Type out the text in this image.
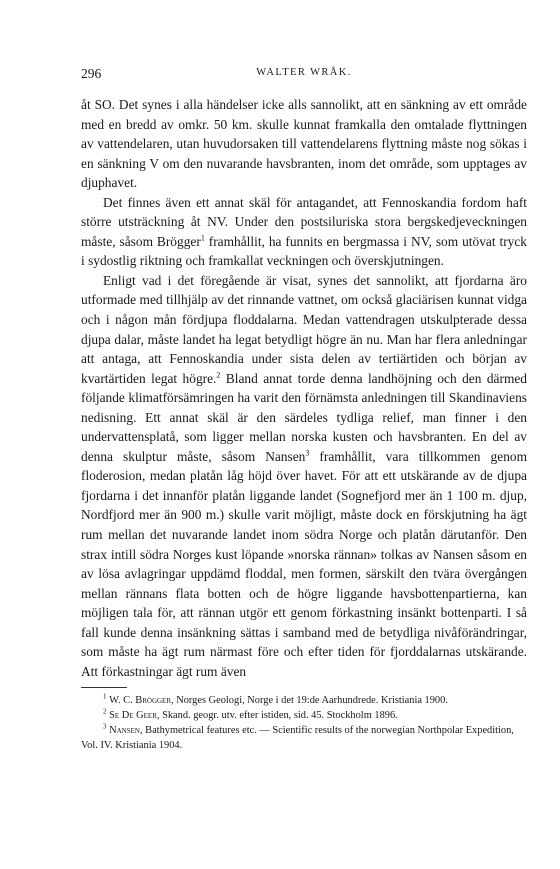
296	WALTER WRÅK.

åt SO. Det synes i alla händelser icke alls sannolikt, att en sänkning av ett område med en bredd av omkr. 50 km. skulle kunnat framkalla den omtalade flyttningen av vattendelaren, utan huvudorsaken till vattendelarens flyttning måste nog sökas i en sänkning V om den nuvarande havsbranten, inom det område, som upptages av djuphavet.

Det finnes även ett annat skäl för antagandet, att Fennoskandia fordom haft större utsträckning åt NV. Under den postsiluriska stora bergskedjeveckningen måste, såsom Brögger$^1$ framhållit, ha funnits en bergmassa i NV, som utövat tryck i sydostlig riktning och framkallat veckningen och överskjutningen.

Enligt vad i det föregående är visat, synes det sannolikt, att fjordarna äro utformade med tillhjälp av det rinnande vattnet, om också glaciärisen kunnat vidga och i någon mån fördjupa floddalarna. Medan vattendragen utskulpterade dessa djupa dalar, måste landet ha legat betydligt högre än nu. Man har flera anledningar att antaga, att Fennoskandia under sista delen av tertiärtiden och början av kvartärtiden legat högre.$^2$ Bland annat torde denna landhöjning och den därmed följande klimatförsämringen ha varit den förnämsta anledningen till Skandinaviens nedisning. Ett annat skäl är den särdeles tydliga relief, man finner i den undervattensplatå, som ligger mellan norska kusten och havsbranten. En del av denna skulptur måste, såsom Nansen$^3$ framhållit, vara tillkommen genom floderosion, medan platån låg höjd över havet. För att ett utskärande av de djupa fjordarna i det innanför platån liggande landet (Sognefjord mer än 1 100 m. djup, Nordfjord mer än 900 m.) skulle varit möjligt, måste dock en förskjutning ha ägt rum mellan det nuvarande landet inom södra Norge och platån därutanför. Den strax intill södra Norges kust löpande »norska rännan» tolkas av Nansen såsom en av lösa avlagringar uppdämd floddal, men formen, särskilt den tvära övergången mellan rännans flata botten och de högre liggande havsbottenpartierna, kan möjligen tala för, att rännan utgör ett genom förkastning insänkt bottenparti. I så fall kunde denna insänkning sättas i samband med de betydliga nivåförändringar, som måste ha ägt rum närmast före och efter tiden för fjorddalarnas utskärande. Att förkastningar ägt rum även

$^1$ W. C. Brögger, Norges Geologi, Norge i det 19:de Aarhundrede. Kristiania 1900.

$^2$ Se De Geer, Skand. geogr. utv. efter istiden, sid. 45. Stockholm 1896.

$^3$ Nansen, Bathymetrical features etc. — Scientific results of the norwegian Northpolar Expedition, Vol. IV. Kristiania 1904.
